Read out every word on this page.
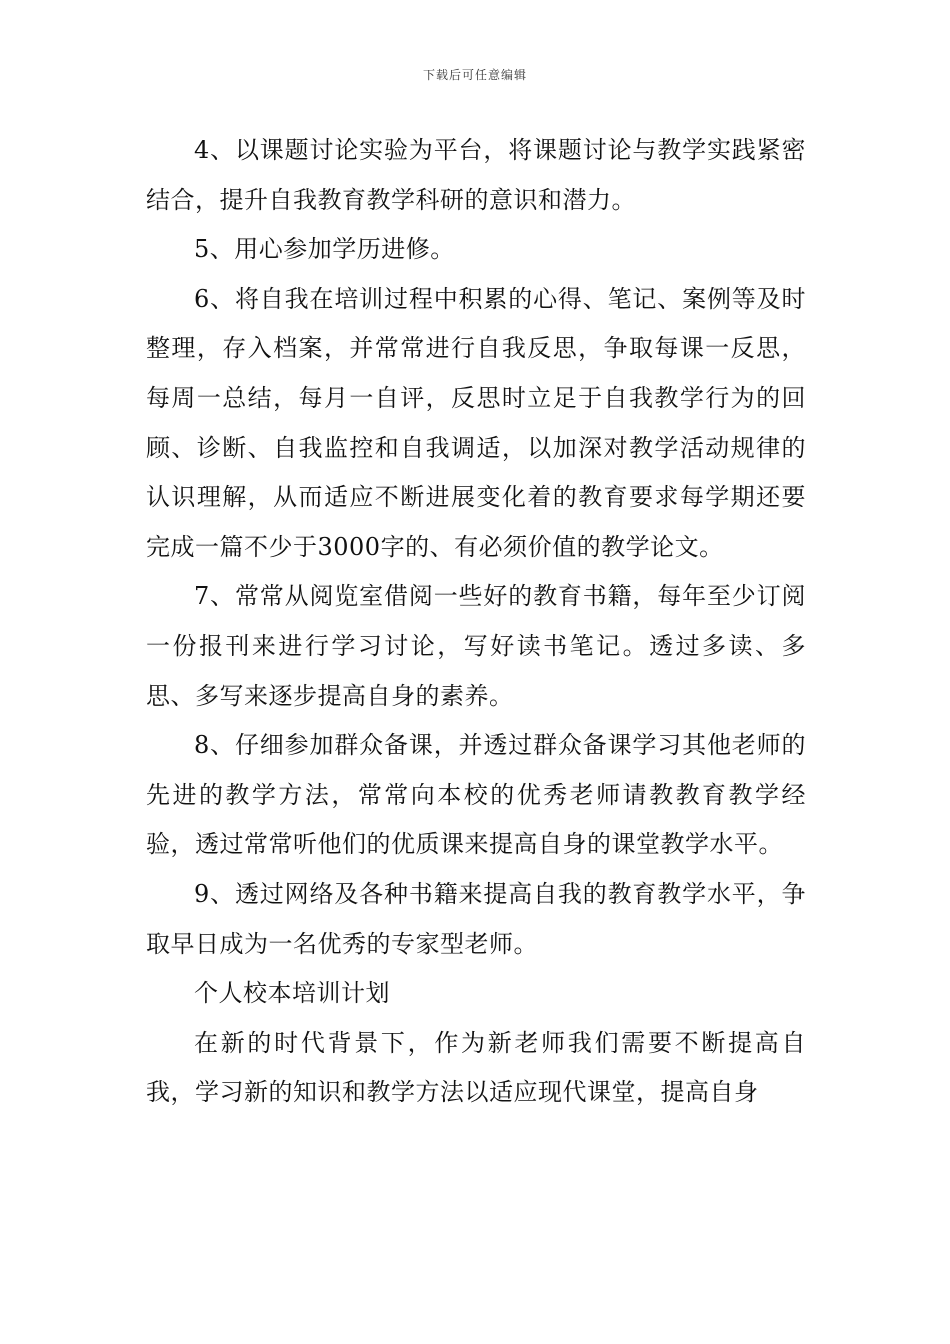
下载后可任意编辑

4、以课题讨论实验为平台，将课题讨论与教学实践紧密结合，提升自我教育教学科研的意识和潜力。

5、用心参加学历进修。

6、将自我在培训过程中积累的心得、笔记、案例等及时整理，存入档案，并常常进行自我反思，争取每课一反思，每周一总结，每月一自评，反思时立足于自我教学行为的回顾、诊断、自我监控和自我调适，以加深对教学活动规律的认识理解，从而适应不断进展变化着的教育要求每学期还要完成一篇不少于3000字的、有必须价值的教学论文。

7、常常从阅览室借阅一些好的教育书籍，每年至少订阅一份报刊来进行学习讨论，写好读书笔记。透过多读、多思、多写来逐步提高自身的素养。

8、仔细参加群众备课，并透过群众备课学习其他老师的先进的教学方法，常常向本校的优秀老师请教教育教学经验，透过常常听他们的优质课来提高自身的课堂教学水平。

9、透过网络及各种书籍来提高自我的教育教学水平，争取早日成为一名优秀的专家型老师。

个人校本培训计划

在新的时代背景下，作为新老师我们需要不断提高自我，学习新的知识和教学方法以适应现代课堂，提高自身
